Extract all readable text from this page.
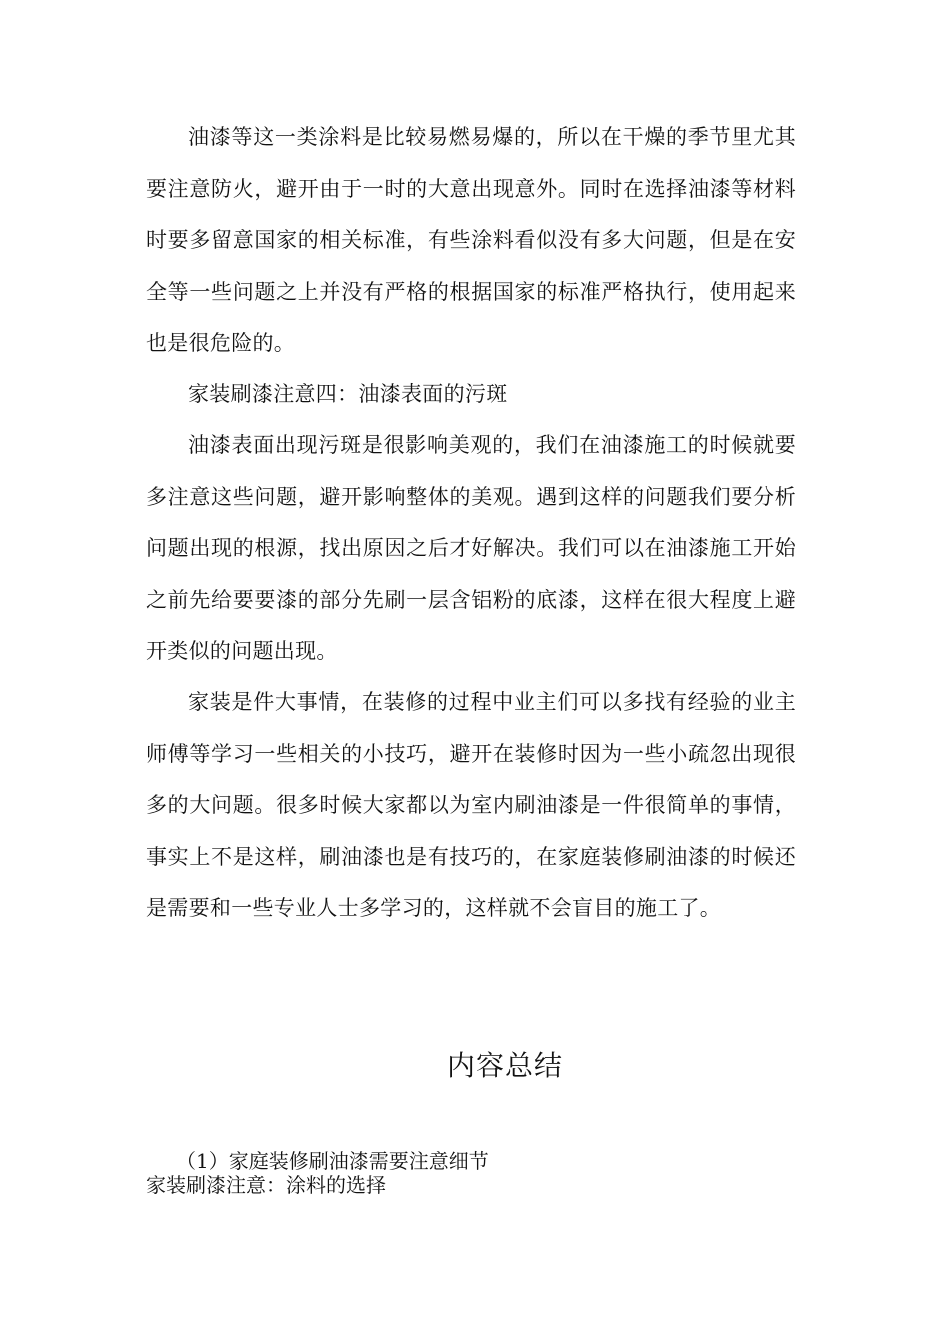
油漆等这一类涂料是比较易燃易爆的，所以在干燥的季节里尤其要注意防火，避开由于一时的大意出现意外。同时在选择油漆等材料时要多留意国家的相关标准，有些涂料看似没有多大问题，但是在安全等一些问题之上并没有严格的根据国家的标准严格执行，使用起来也是很危险的。

家装刷漆注意四：油漆表面的污斑

油漆表面出现污斑是很影响美观的，我们在油漆施工的时候就要多注意这些问题，避开影响整体的美观。遇到这样的问题我们要分析问题出现的根源，找出原因之后才好解决。我们可以在油漆施工开始之前先给要要漆的部分先刷一层含铝粉的底漆，这样在很大程度上避开类似的问题出现。

家装是件大事情，在装修的过程中业主们可以多找有经验的业主师傅等学习一些相关的小技巧，避开在装修时因为一些小疏忽出现很多的大问题。很多时候大家都以为室内刷油漆是一件很简单的事情，事实上不是这样，刷油漆也是有技巧的，在家庭装修刷油漆的时候还是需要和一些专业人士多学习的，这样就不会盲目的施工了。

内容总结

（1）家庭装修刷油漆需要注意细节

家装刷漆注意：涂料的选择
